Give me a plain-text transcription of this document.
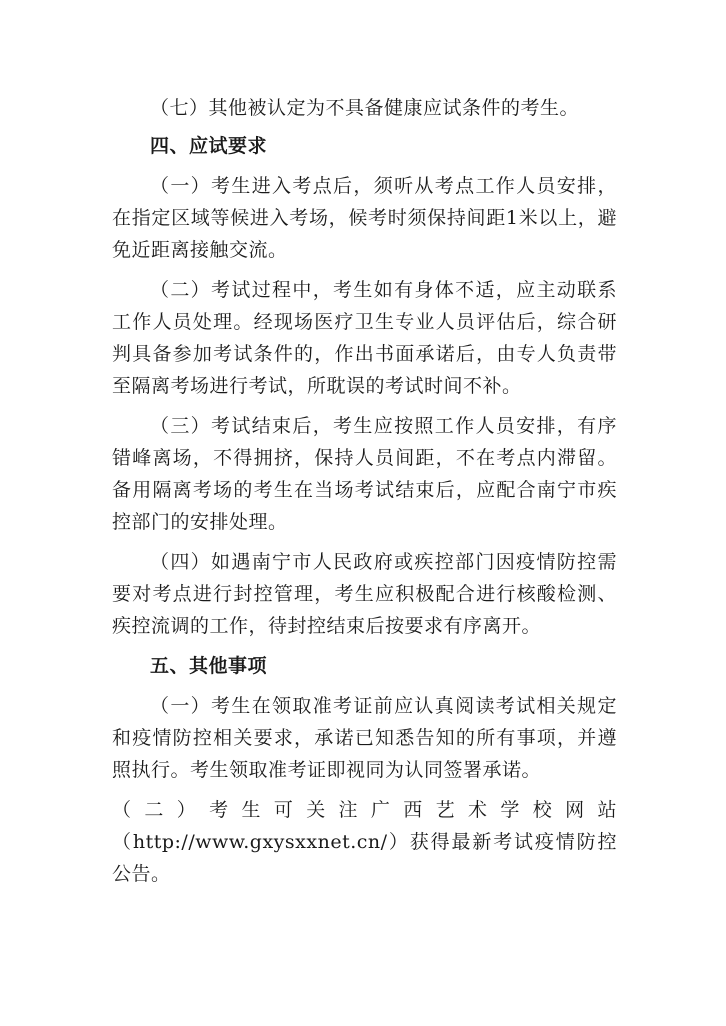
（七）其他被认定为不具备健康应试条件的考生。

四、应试要求

（一）考生进入考点后，须听从考点工作人员安排，在指定区域等候进入考场，候考时须保持间距1米以上，避免近距离接触交流。

（二）考试过程中，考生如有身体不适，应主动联系工作人员处理。经现场医疗卫生专业人员评估后，综合研判具备参加考试条件的，作出书面承诺后，由专人负责带至隔离考场进行考试，所耽误的考试时间不补。

（三）考试结束后，考生应按照工作人员安排，有序错峰离场，不得拥挤，保持人员间距，不在考点内滞留。备用隔离考场的考生在当场考试结束后，应配合南宁市疾控部门的安排处理。

（四）如遇南宁市人民政府或疾控部门因疫情防控需要对考点进行封控管理，考生应积极配合进行核酸检测、疾控流调的工作，待封控结束后按要求有序离开。

五、其他事项

（一）考生在领取准考证前应认真阅读考试相关规定和疫情防控相关要求，承诺已知悉告知的所有事项，并遵照执行。考生领取准考证即视同为认同签署承诺。

（二）考生可关注广西艺术学校网站

（http://www.gxysxxnet.cn/）获得最新考试疫情防控公告。
